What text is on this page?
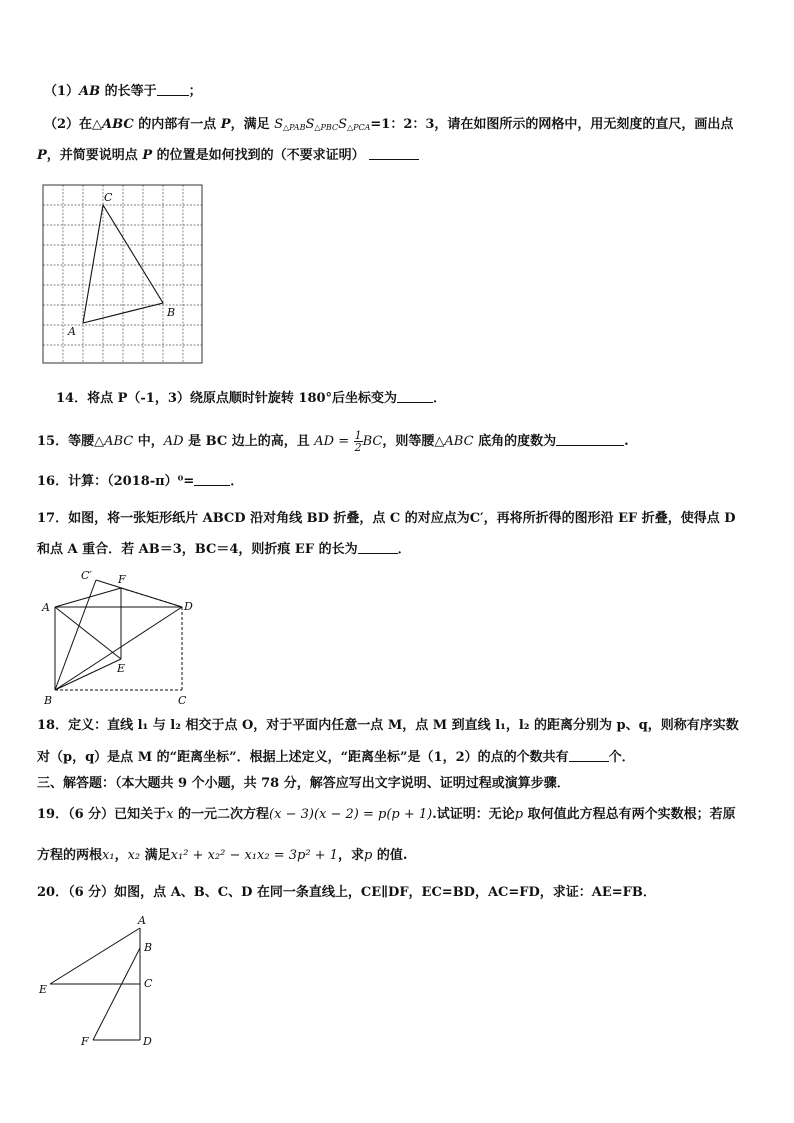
（1）AB 的长等于 ；
（2）在△ABC 的内部有一点 P，满足 $S_{\triangle PAB}S_{\triangle PBC}S_{\triangle PCA}=1$：2：3，请在如图所示的网格中，用无刻度的直尺，画出点
P，并简要说明点 P 的位置是如何找到的（不要求证明）
C
A
B
14．将点 P（-1，3）绕原点顺时针旋转 180°后坐标变为	．
15．等腰△ABC 中，AD 是 BC 边上的高，且 AD = $\frac{1}{2}$ BC，则等腰△ABC 底角的度数为	.
16．计算：（2018-π）⁰=	．
17．如图，将一张矩形纸片 ABCD 沿对角线 BD 折叠，点 C 的对应点为C′，再将所折得的图形沿 EF 折叠，使得点 D
和点 A 重合．若 AB＝3，BC＝4，则折痕 EF 的长为	．
C′ F
A	D
E
B	C
18．定义：直线 l₁ 与 l₂ 相交于点 O，对于平面内任意一点 M，点 M 到直线 l₁，l₂ 的距离分别为 p、q，则称有序实数
对（p，q）是点 M 的“距离坐标”．根据上述定义，“距离坐标”是（1，2）的点的个数共有	个．
三、解答题：（本大题共 9 个小题，共 78 分，解答应写出文字说明、证明过程或演算步骤．
19．（6 分）已知关于x 的一元二次方程(x − 3)(x − 2) = p(p + 1).试证明：无论p 取何值此方程总有两个实数根；若原
方程的两根x₁，x₂ 满足x₁² + x₂² − x₁x₂ = 3p² + 1，求p 的值.
20．（6 分）如图，点 A、B、C、D 在同一条直线上，CE∥DF，EC=BD，AC=FD，求证：AE=FB．
A
B
C
E
F	D
